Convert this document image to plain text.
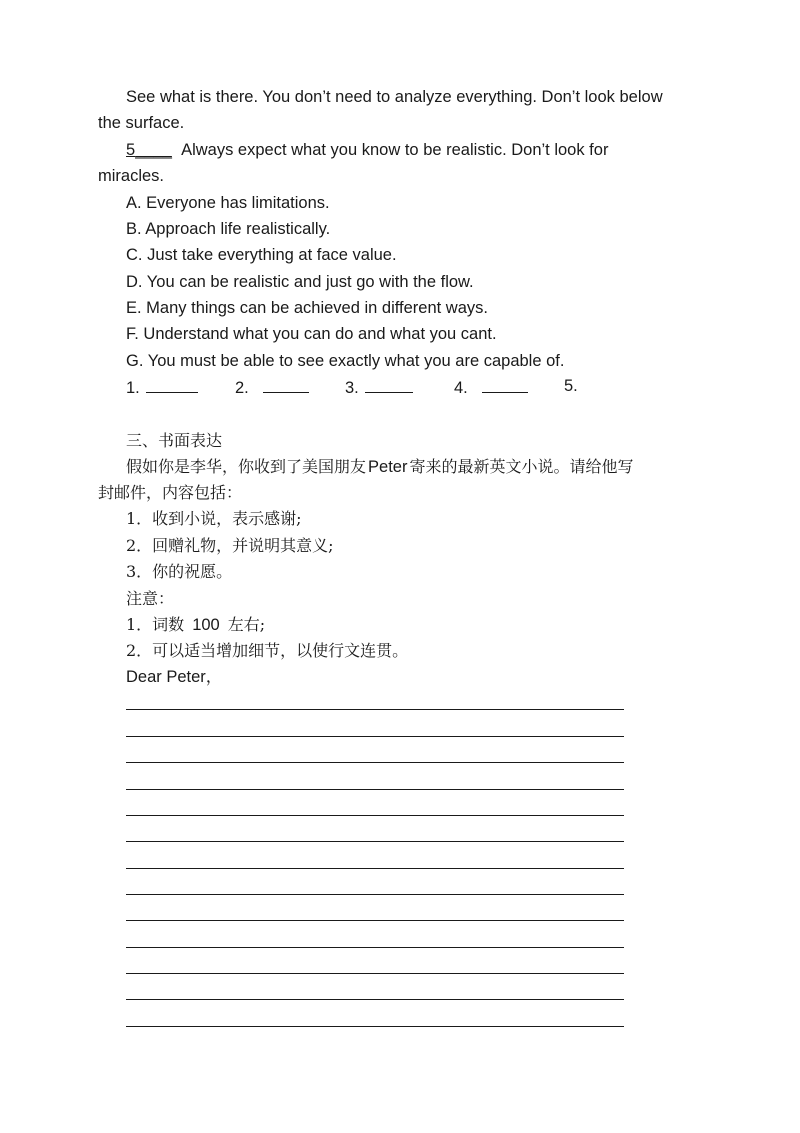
See what is there. You don’t need to analyze everything. Don’t look below
the surface.
5____ Always expect what you know to be realistic. Don’t look for
miracles.
A. Everyone has limitations.
B. Approach life realistically.
C. Just take everything at face value.
D. You can be realistic and just go with the flow.
E. Many things can be achieved in different ways.
F. Understand what you can do and what you cant.
G. You must be able to see exactly what you are capable of.
1.	2.	3.	4.	5.
三、书面表达
假如你是李华，你收到了美国朋友 Peter 寄来的最新英文小说。请给他写
封邮件，内容包括：
1．收到小说，表示感谢;
2．回赠礼物，并说明其意义;
3．你的祝愿。
注意：
1．词数 100 左右;
2．可以适当增加细节，以使行文连贯。
Dear Peter，
